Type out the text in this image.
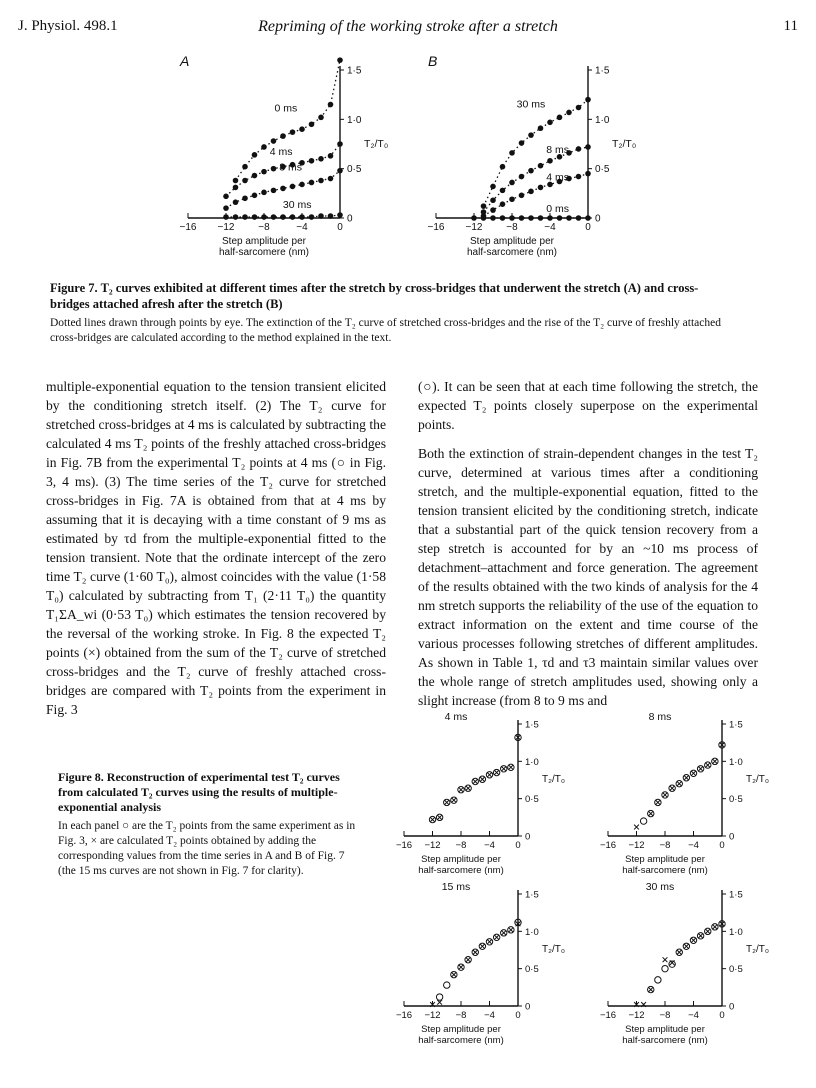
J. Physiol. 498.1	Repriming of the working stroke after a stretch	11
−16 −12 −8	−4	0
0
0·5
1·0
1·5
T₂/T₀
Step amplitude per
half-sarcomere (nm)
A
0 ms
4 ms
8 ms
30 ms
−16 −12 −8	−4	0
0
0·5
1·0
1·5
T₂/T₀
Step amplitude per
half-sarcomere (nm)
B
30 ms
8 ms
4 ms
0 ms
Figure 7. T₂ curves exhibited at different times after the stretch by cross-bridges that underwent the stretch (A) and cross-bridges attached afresh after the stretch (B)
Dotted lines drawn through points by eye. The extinction of the T₂ curve of stretched cross-bridges and the rise of the T₂ curve of freshly attached cross-bridges are calculated according to the method explained in the text.

multiple-exponential equation to the tension transient elicited by the conditioning stretch itself. (2) The T₂ curve for stretched cross-bridges at 4 ms is calculated by subtracting the calculated 4 ms T₂ points of the freshly attached cross-bridges in Fig. 7B from the experimental T₂ points at 4 ms (○ in Fig. 3, 4 ms). (3) The time series of the T₂ curve for stretched cross-bridges in Fig. 7A is obtained from that at 4 ms by assuming that it is decaying with a time constant of 9 ms as estimated by τd from the multiple-exponential fitted to the tension transient. Note that the ordinate intercept of the zero time T₂ curve (1·60 T₀), almost coincides with the value (1·58 T₀) calculated by subtracting from T₁ (2·11 T₀) the quantity T₁ΣA_wi (0·53 T₀) which estimates the tension recovered by the reversal of the working stroke. In Fig. 8 the expected T₂ points (×) obtained from the sum of the T₂ curve of stretched cross-bridges and the T₂ curve of freshly attached cross-bridges are compared with T₂ points from the experiment in Fig. 3

(○). It can be seen that at each time following the stretch, the expected T₂ points closely superpose on the experimental points.

Both the extinction of strain-dependent changes in the test T₂ curve, determined at various times after a conditioning stretch, and the multiple-exponential equation, fitted to the tension transient elicited by the conditioning stretch, indicate that a substantial part of the quick tension recovery from a step stretch is accounted for by an ~10 ms process of detachment–attachment and force generation. The agreement of the results obtained with the two kinds of analysis for the 4 nm stretch supports the reliability of the use of the equation to extract information on the extent and time course of the various processes following stretches of different amplitudes. As shown in Table 1, τd and τ3 maintain similar values over the whole range of stretch amplitudes used, showing only a slight increase (from 8 to 9 ms and

Figure 8. Reconstruction of experimental test T₂ curves from calculated T₂ curves using the results of multiple-exponential analysis
In each panel ○ are the T₂ points from the same experiment as in Fig. 3, × are calculated T₂ points obtained by adding the corresponding values from the time series in A and B of Fig. 7 (the 15 ms curves are not shown in Fig. 7 for clarity).
−16 −12 −8 −4 0
0
0·5
1·0
1·5
T₂/T₀
Step amplitude per
half-sarcomere (nm)
4 ms
−16 −12 −8 −4 0
0
0·5
1·0
1·5
T₂/T₀
Step amplitude per
half-sarcomere (nm)
8 ms
−16 −12 −8 −4 0
0
0·5
1·0
1·5
T₂/T₀
Step amplitude per
half-sarcomere (nm)
15 ms
−16 −12 −8 −4 0
0
0·5
1·0
1·5
T₂/T₀
Step amplitude per
half-sarcomere (nm)
30 ms
